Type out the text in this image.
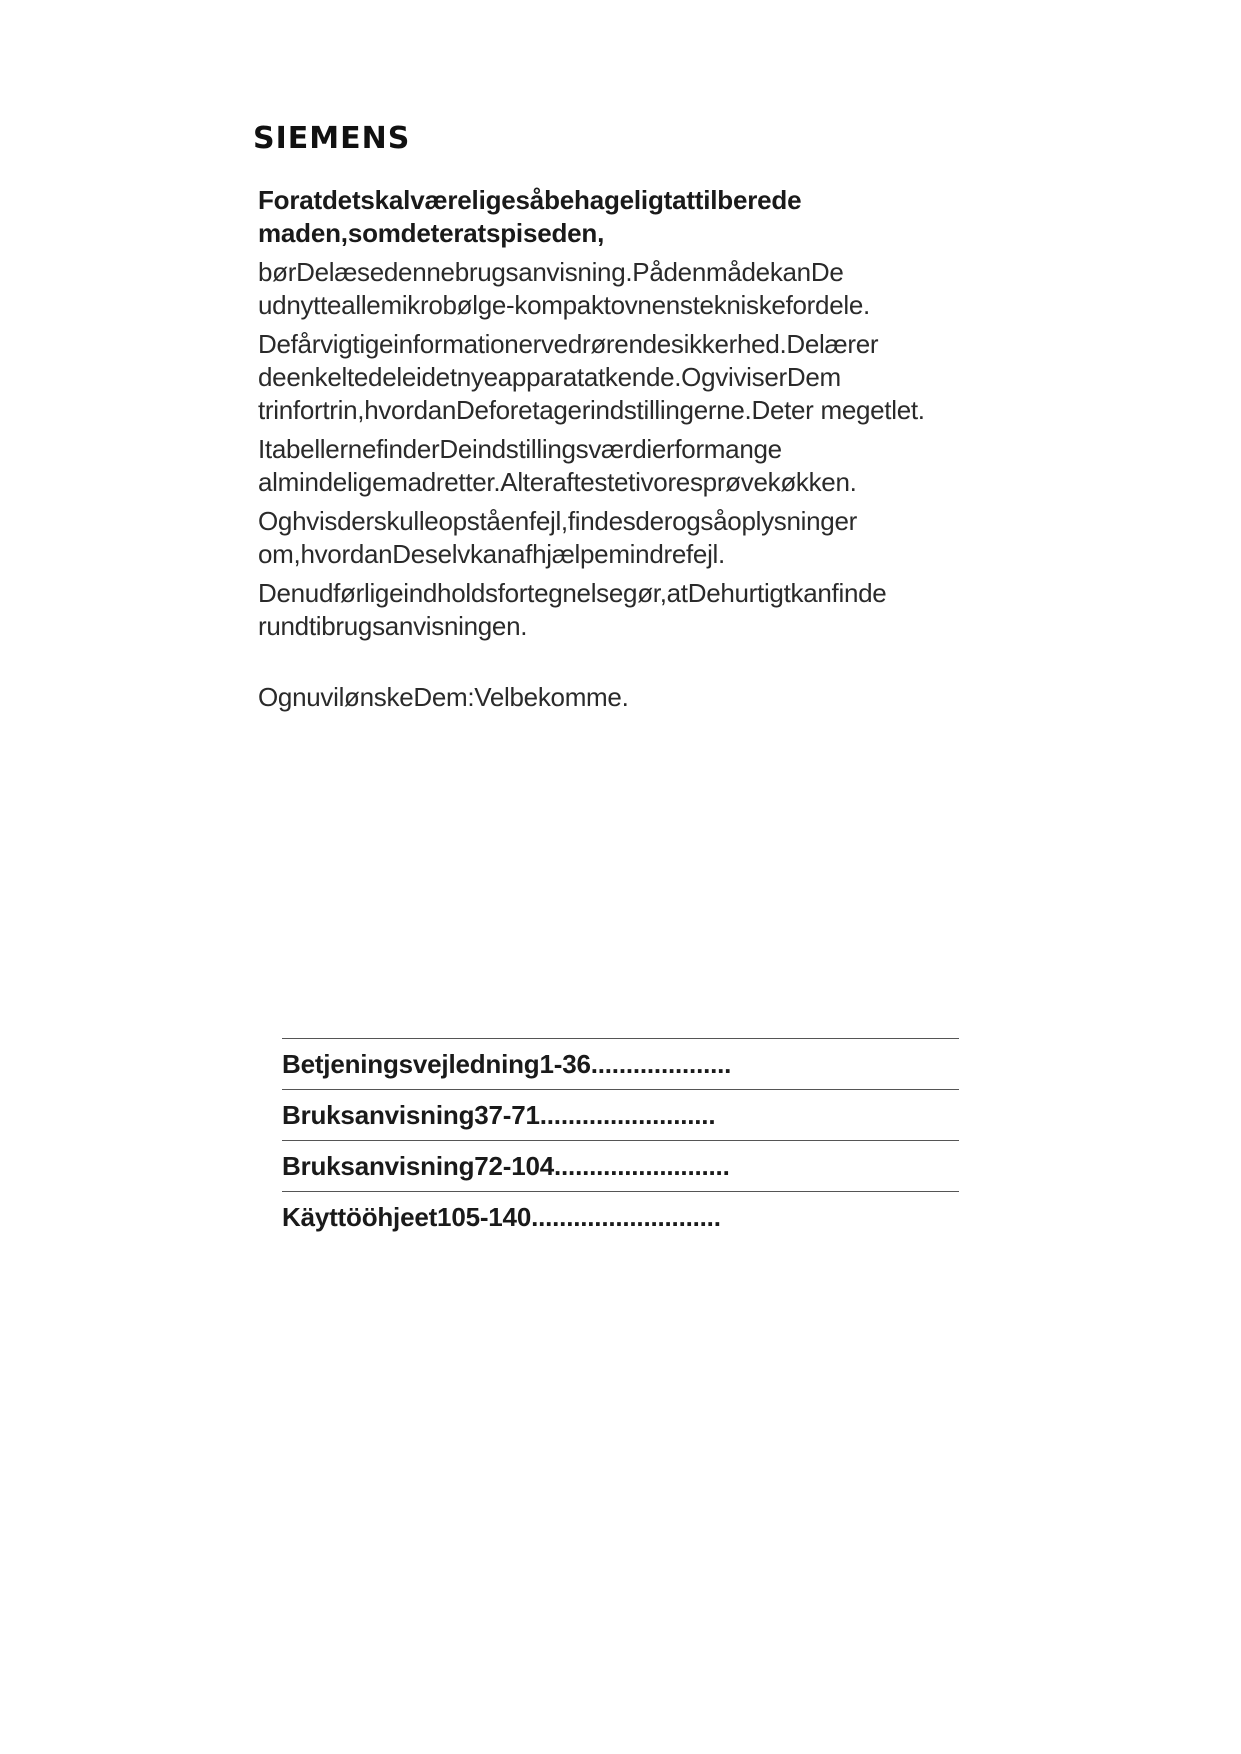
SIEMENS

Foratdetskalværeligesåbehageligtattilberede maden,somdeteratspiseden,

børDelæsedennebrugsanvisning.PådenmådekanDe udnytteallemikrobølge-kompaktovnenstekniskefordele.

Defårvigtigeinformationervedrørendesikkerhed.Delærer deenkeltedeleidetnyeapparatatkende.OgviviserDem trinfortrin,hvordanDeforetagerindstillingerne.Deter megetlet.

ItabellernefinderDeindstillingsværdierformange almindeligemadretter.Alteraftestetivoresprøvekøkken.

Oghvisderskulleopståenfejl,findesderogsåoplysninger om,hvordanDeselvkanafhjælpemindrefejl.

Denudførligeindholdsfortegnelsegør,atDehurtigtkanfinde rundtibrugsanvisningen.

OgnuvilønskeDem:Velbekomme.

Betjeningsvejledning1-36....................
Bruksanvisning37-71.........................
Bruksanvisning72-104.........................
Käyttööhjeet105-140...........................
